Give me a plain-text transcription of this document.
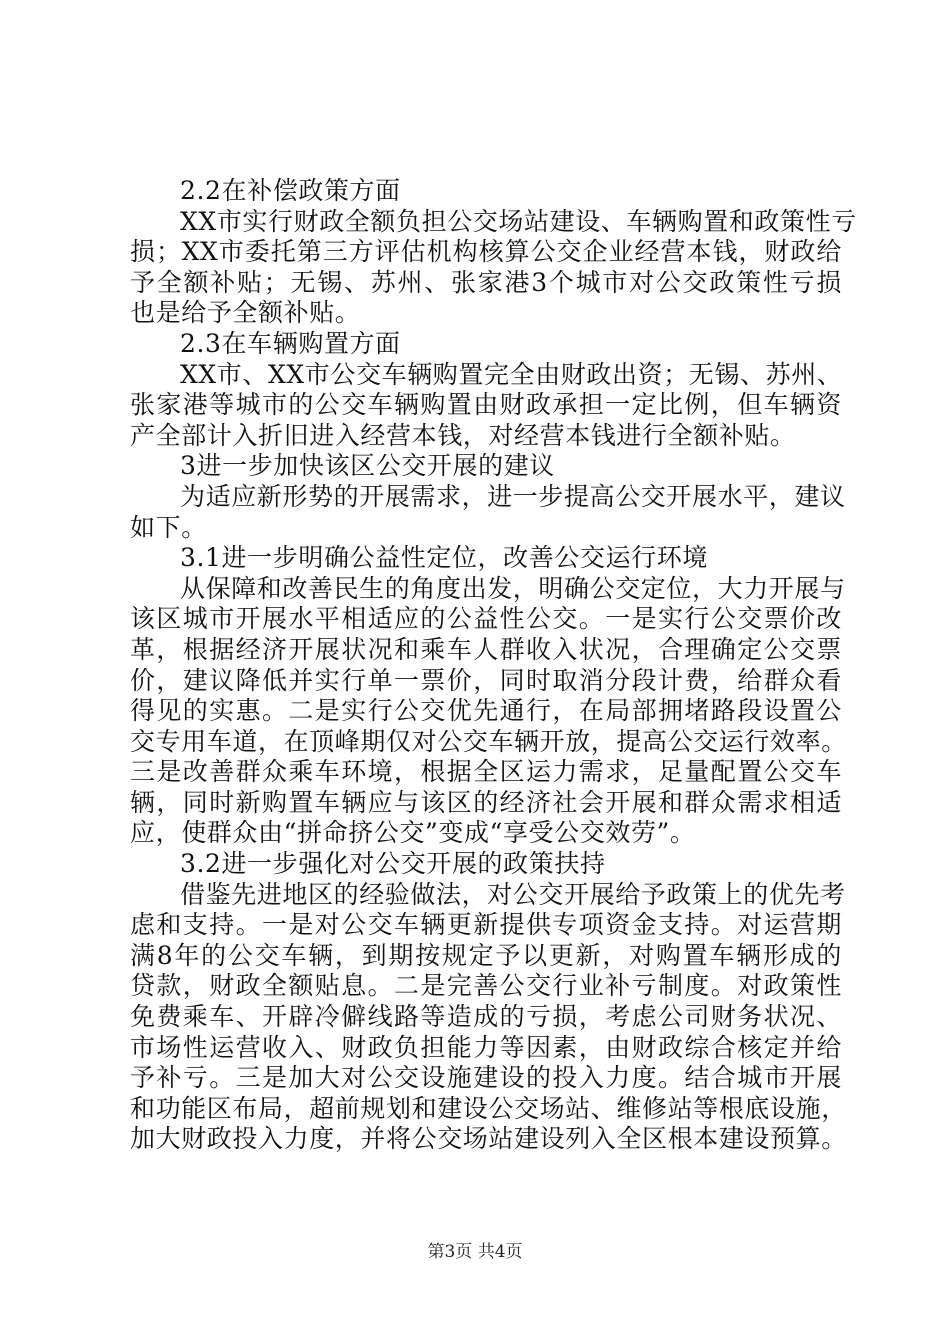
2.2在补偿政策方面
XX市实行财政全额负担公交场站建设、车辆购置和政策性亏
损；XX市委托第三方评估机构核算公交企业经营本钱，财政给
予全额补贴；无锡、苏州、张家港3个城市对公交政策性亏损
也是给予全额补贴。
2.3在车辆购置方面
XX市、XX市公交车辆购置完全由财政出资；无锡、苏州、
张家港等城市的公交车辆购置由财政承担一定比例，但车辆资
产全部计入折旧进入经营本钱，对经营本钱进行全额补贴。
3进一步加快该区公交开展的建议
为适应新形势的开展需求，进一步提高公交开展水平，建议
如下。
3.1进一步明确公益性定位，改善公交运行环境
从保障和改善民生的角度出发，明确公交定位，大力开展与
该区城市开展水平相适应的公益性公交。一是实行公交票价改
革，根据经济开展状况和乘车人群收入状况，合理确定公交票
价，建议降低并实行单一票价，同时取消分段计费，给群众看
得见的实惠。二是实行公交优先通行，在局部拥堵路段设置公
交专用车道，在顶峰期仅对公交车辆开放，提高公交运行效率。
三是改善群众乘车环境，根据全区运力需求，足量配置公交车
辆，同时新购置车辆应与该区的经济社会开展和群众需求相适
应，使群众由“拼命挤公交”变成“享受公交效劳”。
3.2进一步强化对公交开展的政策扶持
借鉴先进地区的经验做法，对公交开展给予政策上的优先考
虑和支持。一是对公交车辆更新提供专项资金支持。对运营期
满8年的公交车辆，到期按规定予以更新，对购置车辆形成的
贷款，财政全额贴息。二是完善公交行业补亏制度。对政策性
免费乘车、开辟冷僻线路等造成的亏损，考虑公司财务状况、
市场性运营收入、财政负担能力等因素，由财政综合核定并给
予补亏。三是加大对公交设施建设的投入力度。结合城市开展
和功能区布局，超前规划和建设公交场站、维修站等根底设施，
加大财政投入力度，并将公交场站建设列入全区根本建设预算。
第3页 共4页
